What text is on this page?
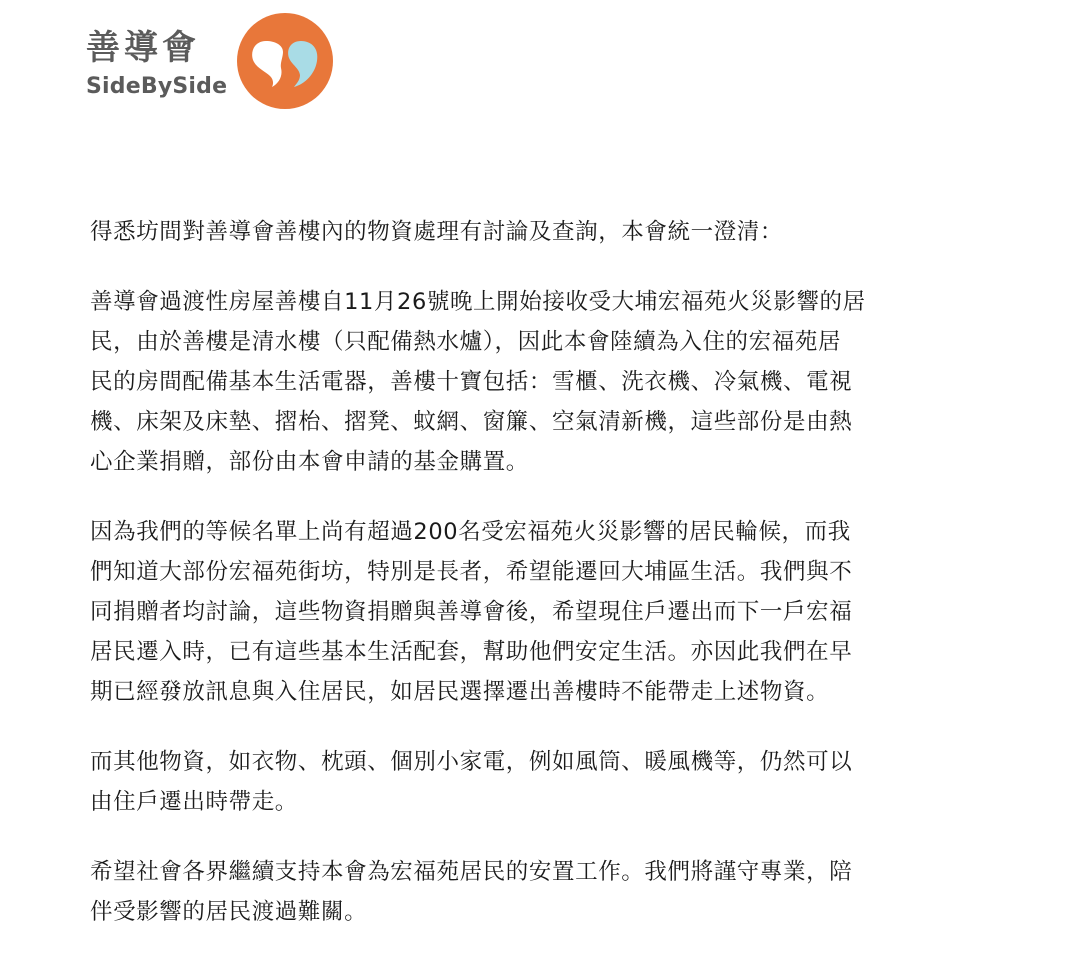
善導會
SideBySide

得悉坊間對善導會善樓內的物資處理有討論及查詢，本會統一澄清：

善導會過渡性房屋善樓自11月26號晚上開始接收受大埔宏福苑火災影響的居
民，由於善樓是清水樓（只配備熱水爐），因此本會陸續為入住的宏福苑居
民的房間配備基本生活電器，善樓十寶包括：雪櫃、洗衣機、冷氣機、電視
機、床架及床墊、摺枱、摺凳、蚊網、窗簾、空氣清新機，這些部份是由熱
心企業捐贈，部份由本會申請的基金購置。

因為我們的等候名單上尚有超過200名受宏福苑火災影響的居民輪候，而我
們知道大部份宏福苑街坊，特別是長者，希望能遷回大埔區生活。我們與不
同捐贈者均討論，這些物資捐贈與善導會後，希望現住戶遷出而下一戶宏福
居民遷入時，已有這些基本生活配套，幫助他們安定生活。亦因此我們在早
期已經發放訊息與入住居民，如居民選擇遷出善樓時不能帶走上述物資。

而其他物資，如衣物、枕頭、個別小家電，例如風筒、暖風機等，仍然可以
由住戶遷出時帶走。

希望社會各界繼續支持本會為宏福苑居民的安置工作。我們將謹守專業，陪
伴受影響的居民渡過難關。
